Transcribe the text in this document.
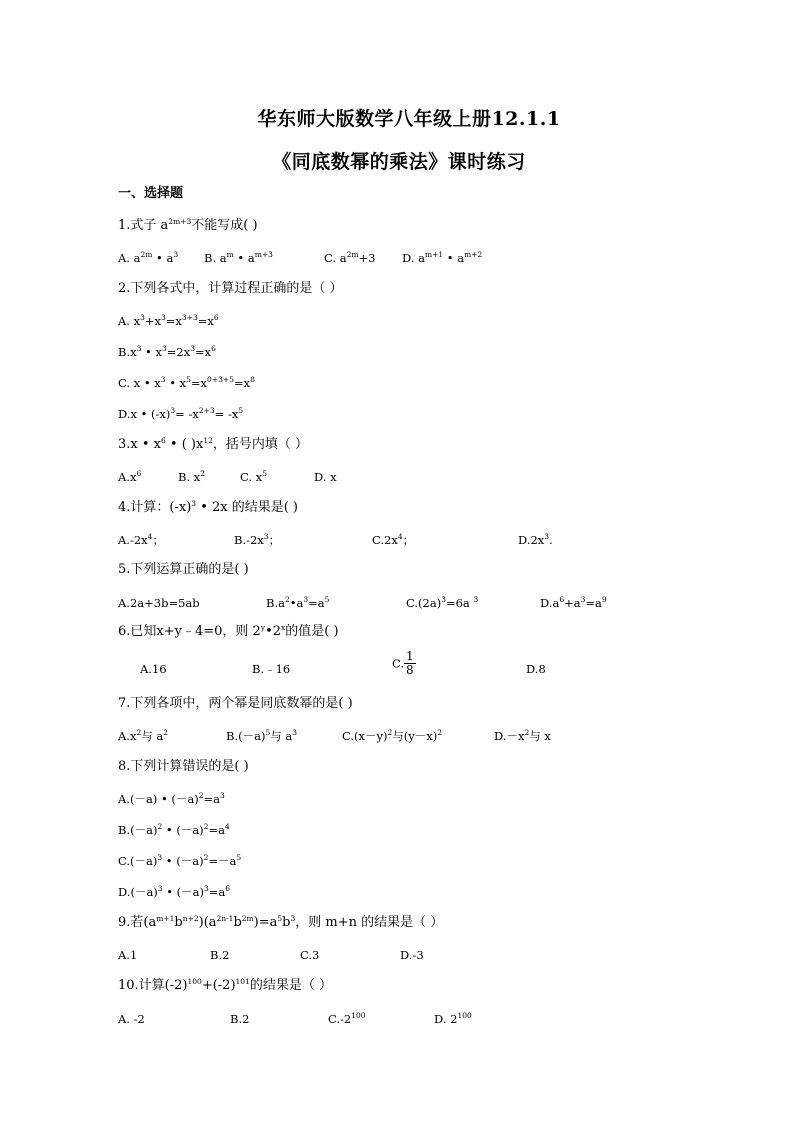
华东师大版数学八年级上册12.1.1
《同底数幂的乘法》课时练习
一、选择题
1.式子 $a^{2m+3}$不能写成( )
A. $a^{2m}$ • $a^3$ B. $a^m$ • $a^{m+3}$	C. $a^{2m}+3$ D. $a^{m+1}$ • $a^{m+2}$
2.下列各式中，计算过程正确的是（ ）
A. $x^3+x^3=x^{3+3}=x^6$
$B.x^3$ • $x^3=2x^3=x^6$
C. x • $x^3$ • $x^5=x^{0+3+5}=x^8$
D.x • $(-x)^3= -x^{2+3}= -x^5$
3.x • $x^6$ • ( )$x^{12}$，括号内填（ ）
$A.x^6$	B. $x^2$	C. $x^5$	D. x
4.计算：$(-x)^3$ • 2x 的结果是( )
$A.-2x^4$；	$B.-2x^3$；	$C.2x^4$；	$D.2x^3$.
5.下列运算正确的是( )
A.2a+3b=5ab	$B.a^2•a^3=a^5$	$C.(2a)^3=6a$ $^3$	$D.a^6+a^3=a^9$
6.已知x+y﹣4=0，则 2$^y$•2$^x$的值是( )
A.16	B.﹣16	C. $\frac{1}{8}$	D.8
7.下列各项中，两个幂是同底数幂的是( )
$A.x^2$与 $a^2$	$B.(-a)^5$与 $a^3$	$C.(x-y)^2$与$(y-x)^2$	$D.-x^2$与 x
8.下列计算错误的是( )
A.(－a) • $(-a)^2=a^3$
$B.(-a)^2$ • $(-a)^2=a^4$
$C.(-a)^3$ • $(-a)^2=-a^5$
$D.(-a)^3$ • $(-a)^3=a^6$
9.若$(a^{m+1}b^{n+2})(a^{2n-1}b^{2m})=a^5b^3$，则 m+n 的结果是（ ）
A.1	B.2	C.3	D.-3
10.计算$(-2)^{100}+(-2)^{101}$的结果是（ ）
A. -2	B.2	$C.-2^{100}$	D. $2^{100}$
